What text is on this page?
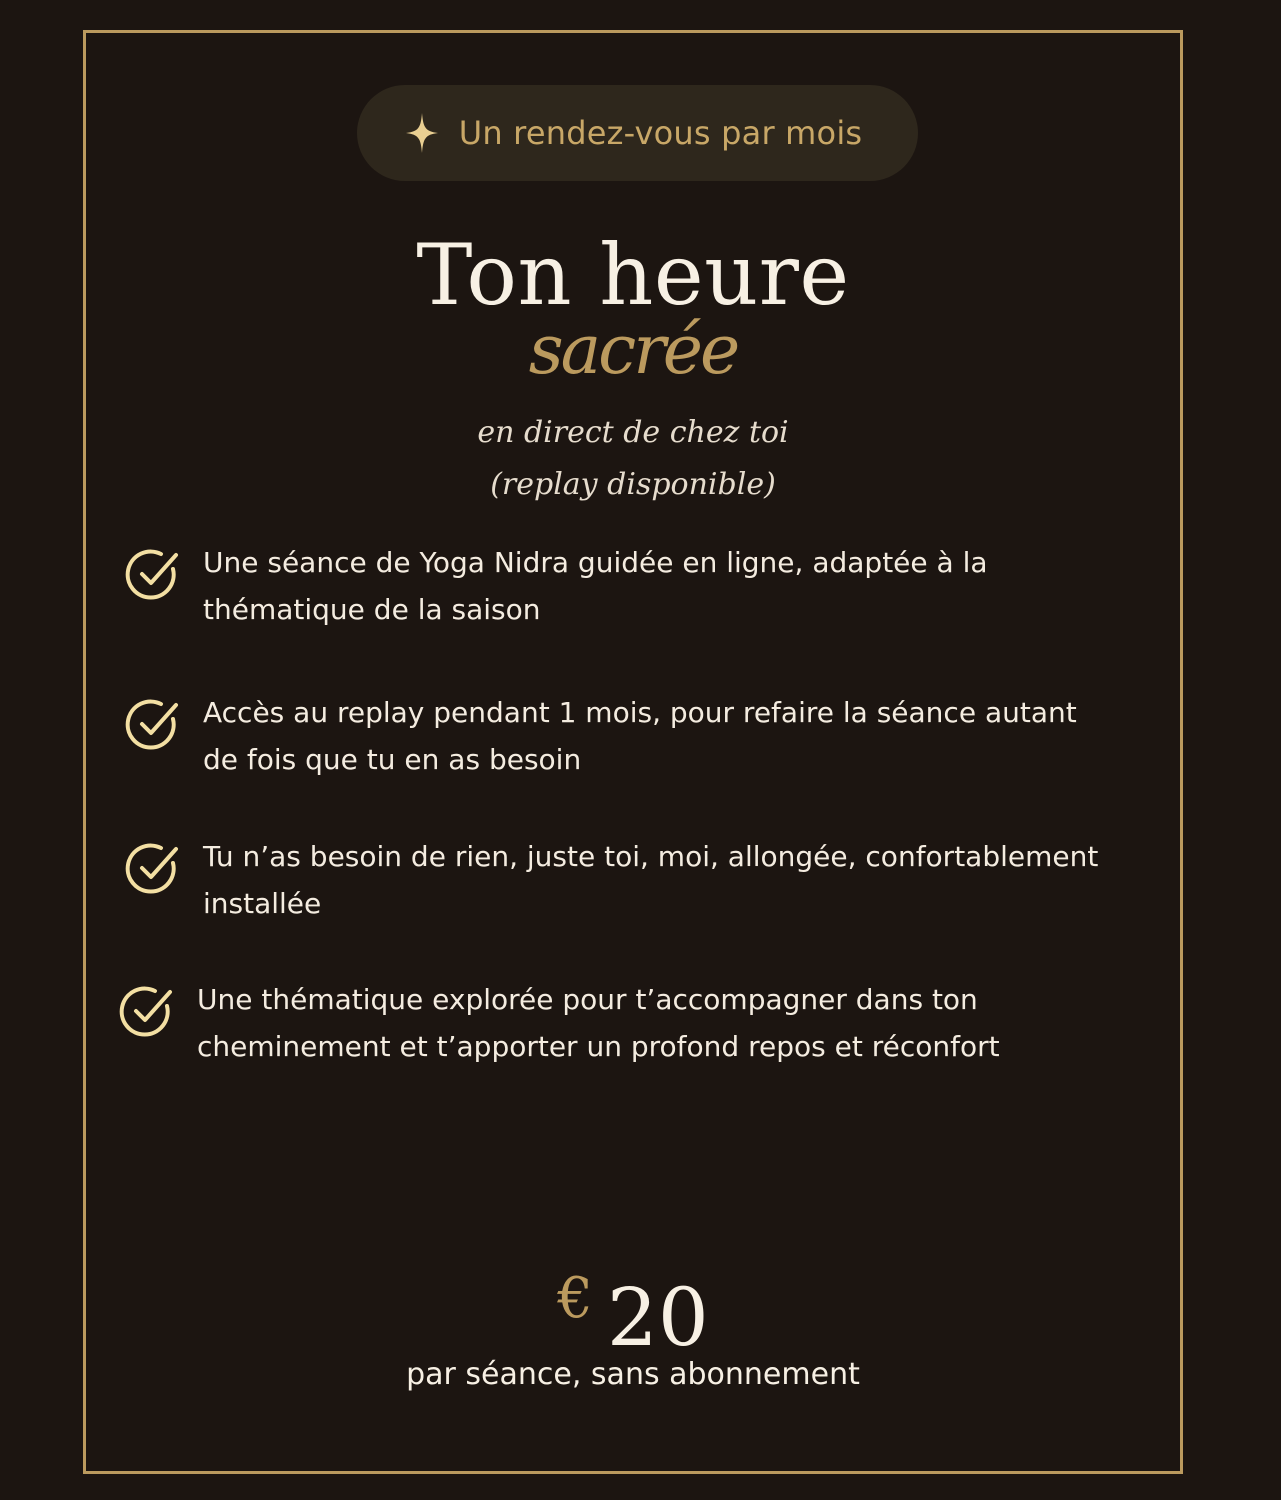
Un rendez-vous par mois
Ton heure
sacrée
en direct de chez toi
(replay disponible)
Une séance de Yoga Nidra guidée en ligne, adaptée à la thématique de la saison
Accès au replay pendant 1 mois, pour refaire la séance autant de fois que tu en as besoin
Tu n’as besoin de rien, juste toi, moi, allongée, confortablement installée
Une thématique explorée pour t’accompagner dans ton cheminement et t’apporter un profond repos et réconfort
€ 20
par séance, sans abonnement
